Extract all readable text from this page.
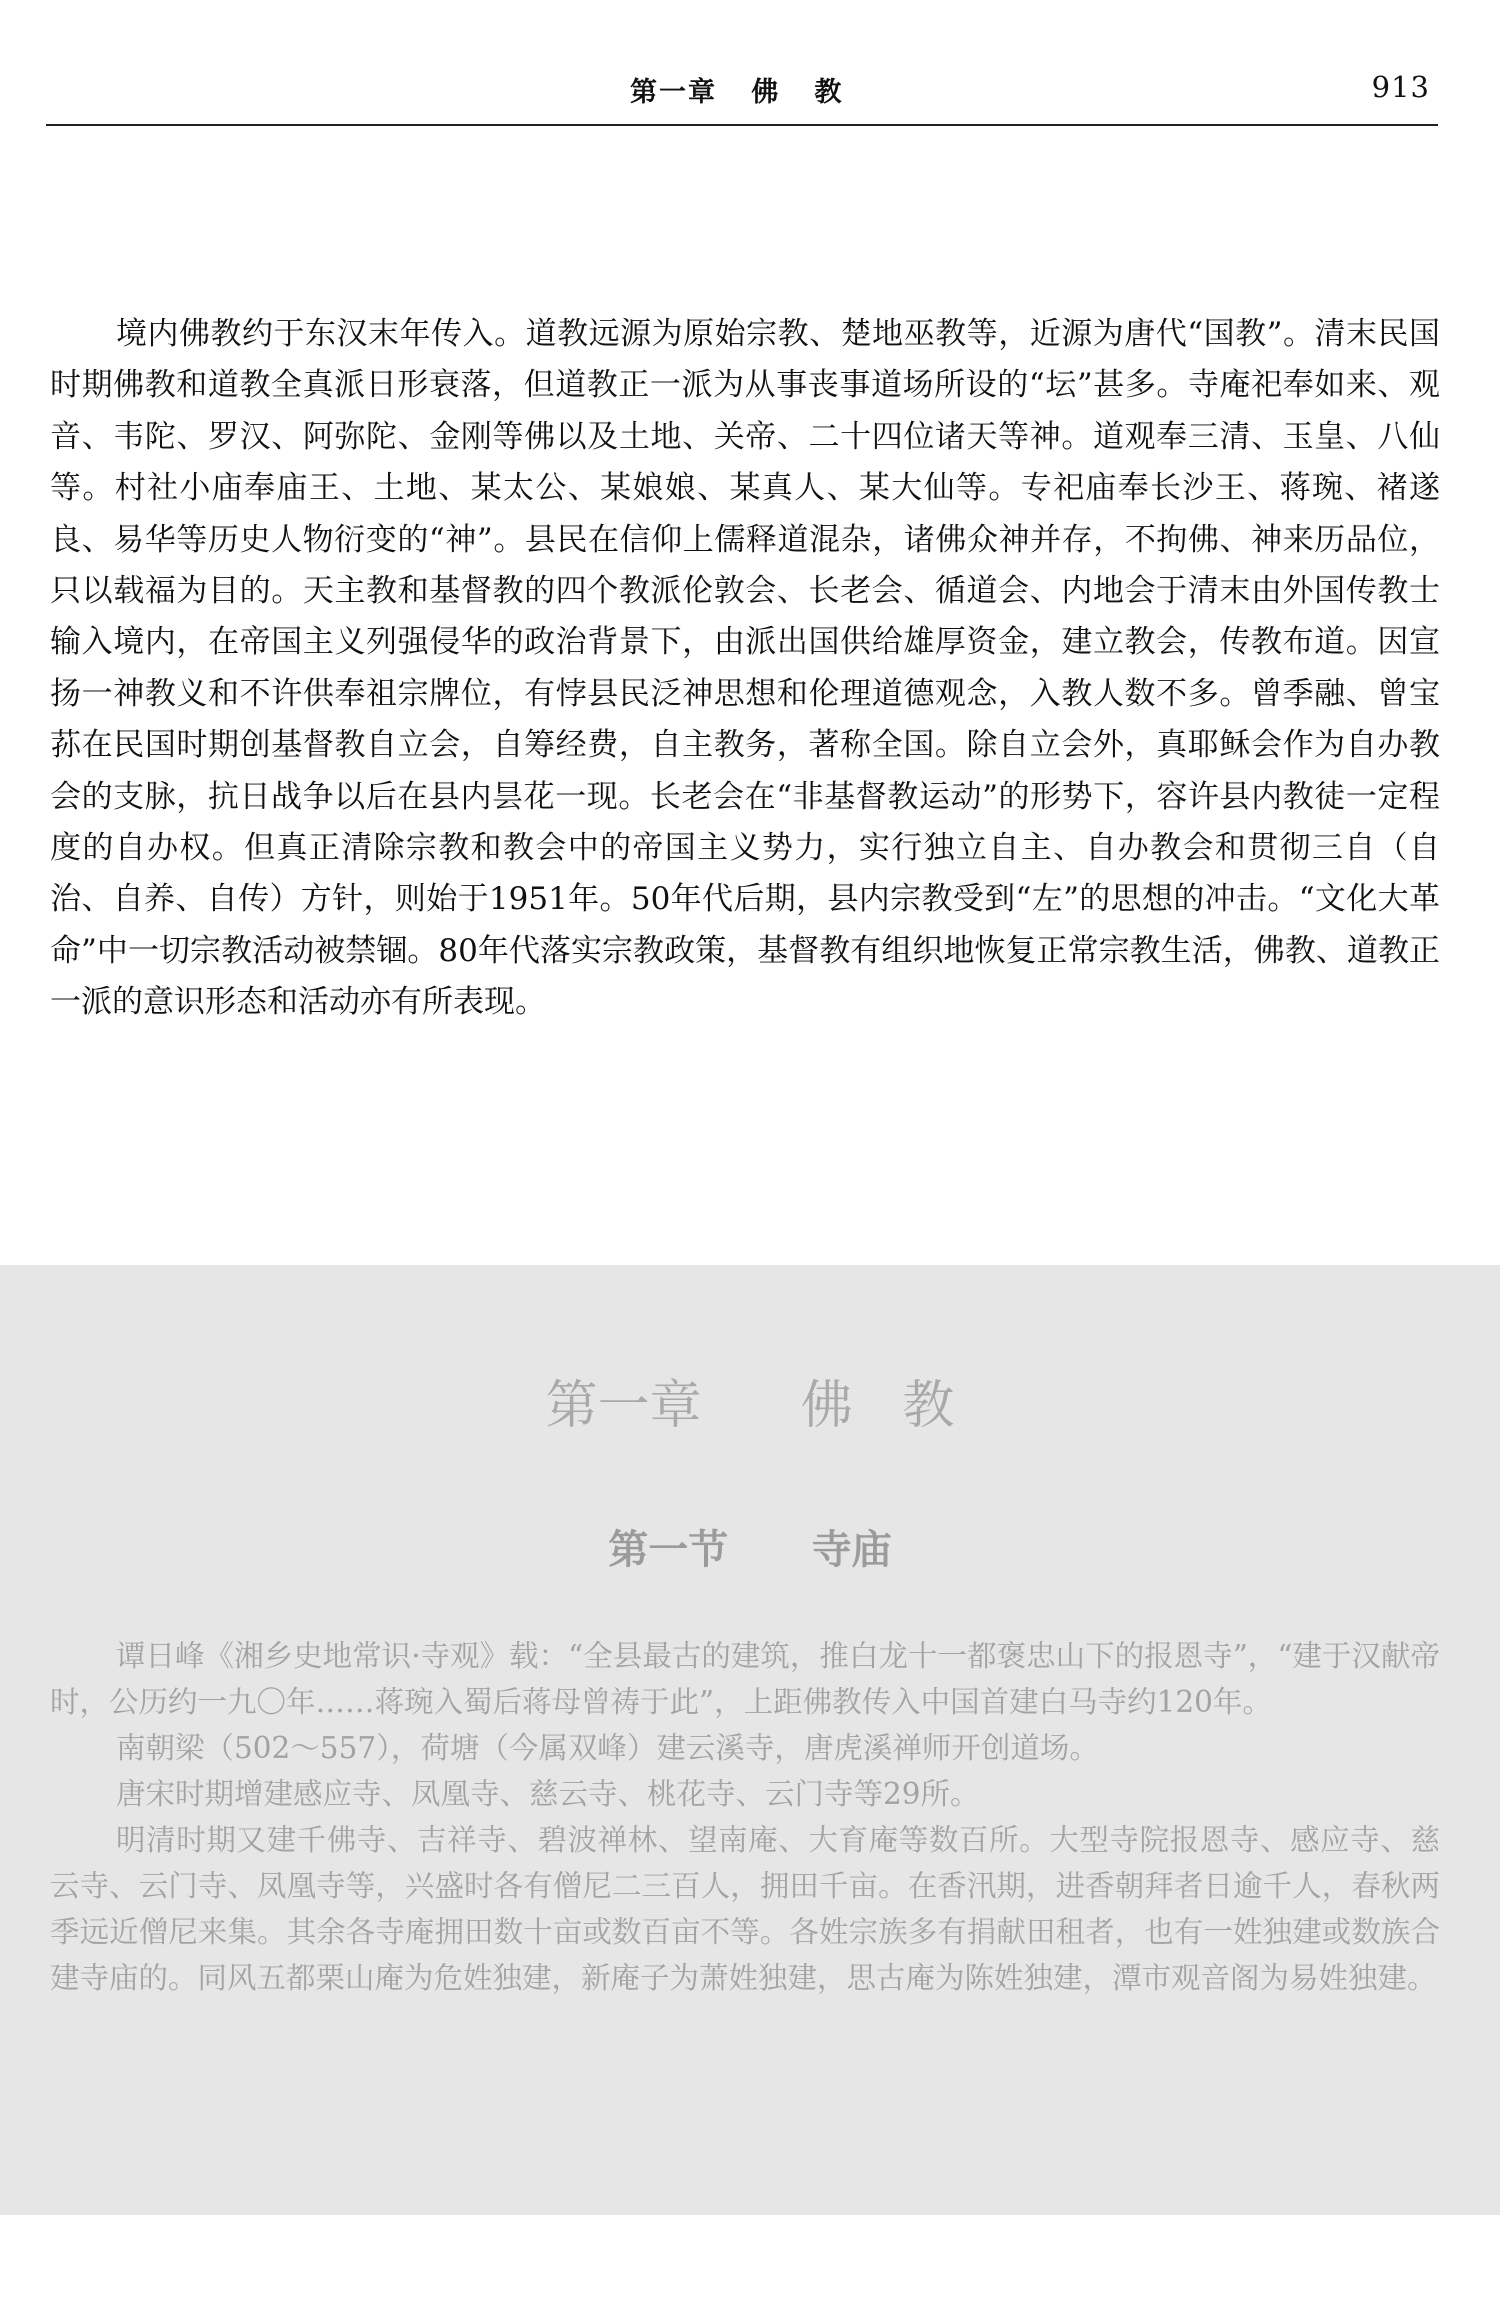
第一章   佛   教	913
境内佛教约于东汉末年传入。道教远源为原始宗教、楚地巫教等，近源为唐代“国教”。清末民国时期佛教和道教全真派日形衰落，但道教正一派为从事丧事道场所设的“坛”甚多。寺庵祀奉如来、观音、韦陀、罗汉、阿弥陀、金刚等佛以及土地、关帝、二十四位诸天等神。道观奉三清、玉皇、八仙等。村社小庙奉庙王、土地、某太公、某娘娘、某真人、某大仙等。专祀庙奉长沙王、蒋琬、褚遂良、易华等历史人物衍变的“神”。县民在信仰上儒释道混杂，诸佛众神并存，不拘佛、神来历品位，只以载福为目的。天主教和基督教的四个教派伦敦会、长老会、循道会、内地会于清末由外国传教士输入境内，在帝国主义列强侵华的政治背景下，由派出国供给雄厚资金，建立教会，传教布道。因宣扬一神教义和不许供奉祖宗牌位，有悖县民泛神思想和伦理道德观念，入教人数不多。曾季融、曾宝荪在民国时期创基督教自立会，自筹经费，自主教务，著称全国。除自立会外，真耶稣会作为自办教会的支脉，抗日战争以后在县内昙花一现。长老会在“非基督教运动”的形势下，容许县内教徒一定程度的自办权。但真正清除宗教和教会中的帝国主义势力，实行独立自主、自办教会和贯彻三自（自治、自养、自传）方针，则始于1951年。50年代后期，县内宗教受到“左”的思想的冲击。“文化大革命”中一切宗教活动被禁锢。80年代落实宗教政策，基督教有组织地恢复正常宗教生活，佛教、道教正一派的意识形态和活动亦有所表现。
第一章      佛   教
第一节      寺庙

谭日峰《湘乡史地常识·寺观》载：“全县最古的建筑，推白龙十一都褒忠山下的报恩寺”，“建于汉献帝时，公历约一九〇年……蒋琬入蜀后蒋母曾祷于此”，上距佛教传入中国首建白马寺约120年。

南朝梁（502～557），荷塘（今属双峰）建云溪寺，唐虎溪禅师开创道场。

唐宋时期增建感应寺、凤凰寺、慈云寺、桃花寺、云门寺等29所。

明清时期又建千佛寺、吉祥寺、碧波禅林、望南庵、大育庵等数百所。大型寺院报恩寺、感应寺、慈云寺、云门寺、凤凰寺等，兴盛时各有僧尼二三百人，拥田千亩。在香汛期，进香朝拜者日逾千人，春秋两季远近僧尼来集。其余各寺庵拥田数十亩或数百亩不等。各姓宗族多有捐献田租者，也有一姓独建或数族合建寺庙的。同风五都栗山庵为危姓独建，新庵子为萧姓独建，思古庵为陈姓独建，潭市观音阁为易姓独建。
